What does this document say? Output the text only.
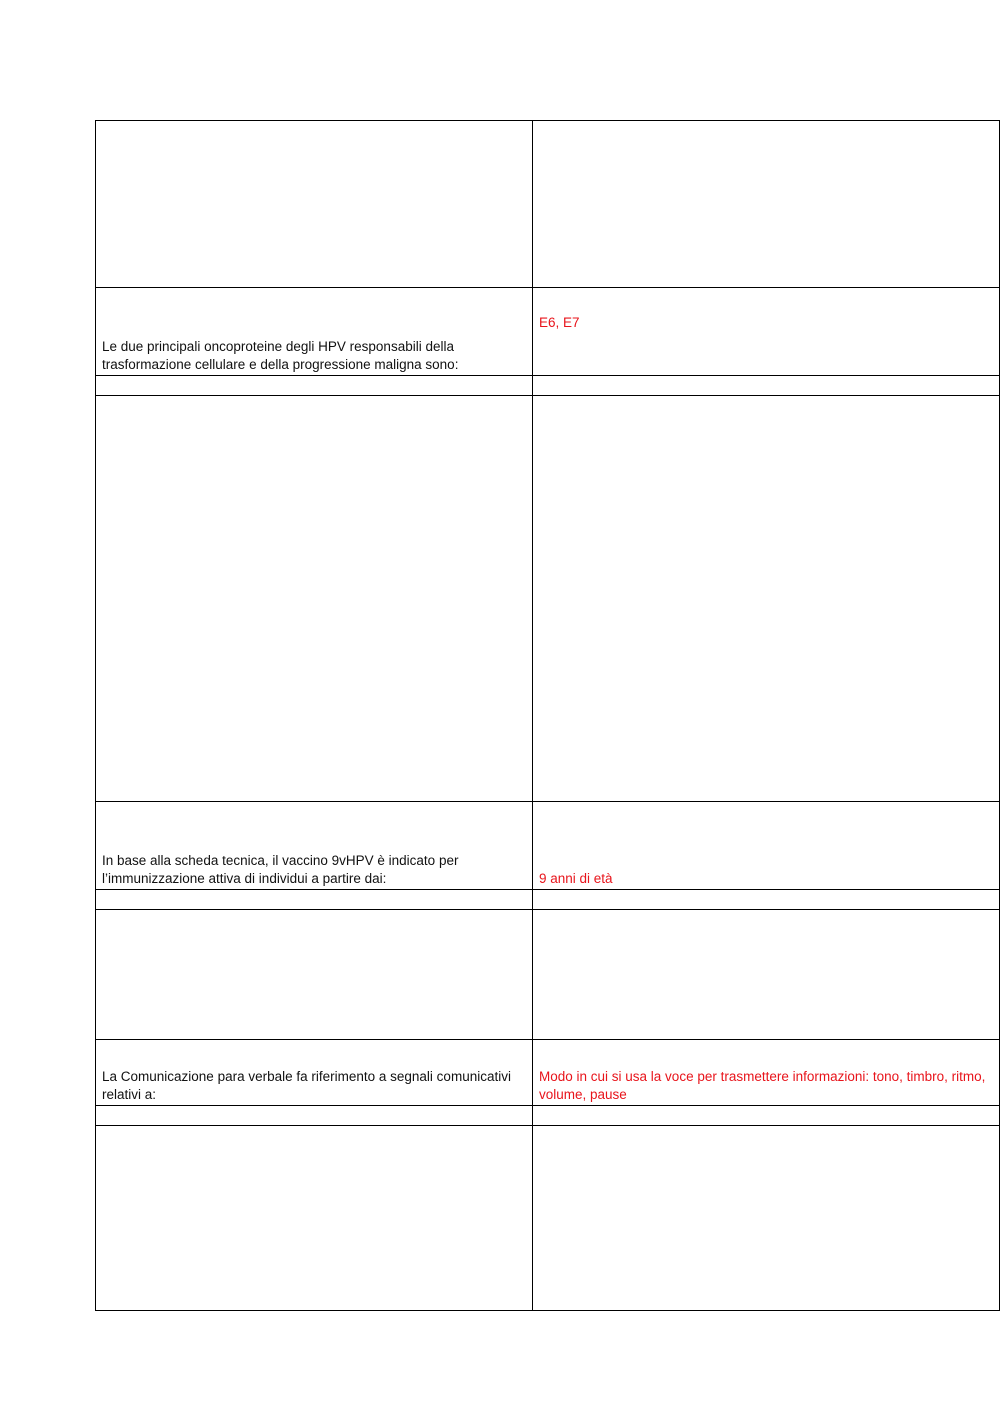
Le due principali oncoproteine degli HPV responsabili della trasformazione cellulare e della progressione maligna sono:	E6, E7

In base alla scheda tecnica, il vaccino 9vHPV è indicato per l’immunizzazione attiva di individui a partire dai:	9 anni di età

La Comunicazione para verbale fa riferimento a segnali comunicativi relativi a:	Modo in cui si usa la voce per trasmettere informazioni: tono, timbro, ritmo, volume, pause
